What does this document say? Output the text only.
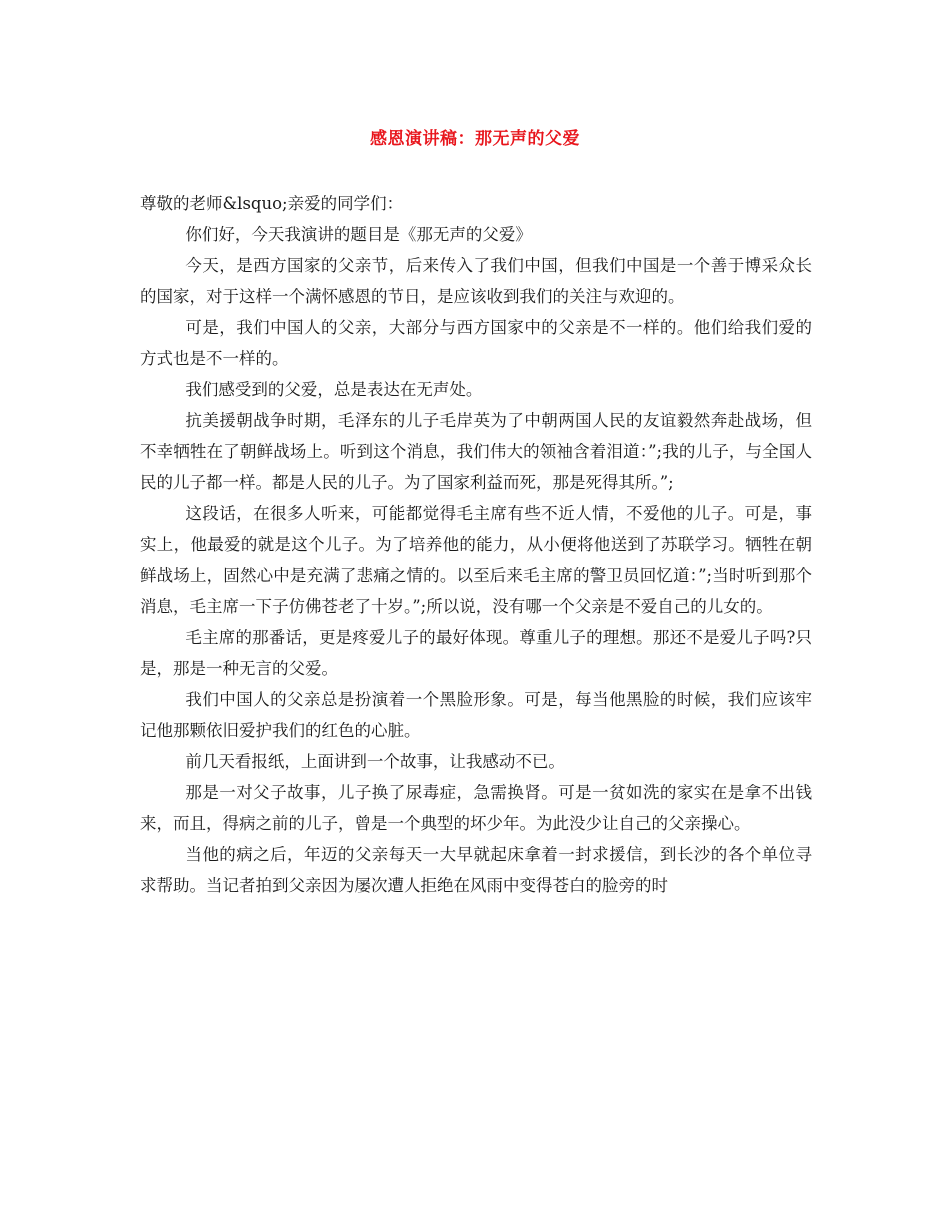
感恩演讲稿：那无声的父爱

尊敬的老师&lsquo;亲爱的同学们：

你们好，今天我演讲的题目是《那无声的父爱》

今天，是西方国家的父亲节，后来传入了我们中国，但我们中国是一个善于博采众长的国家，对于这样一个满怀感恩的节日，是应该收到我们的关注与欢迎的。

可是，我们中国人的父亲，大部分与西方国家中的父亲是不一样的。他们给我们爱的方式也是不一样的。

我们感受到的父爱，总是表达在无声处。

抗美援朝战争时期，毛泽东的儿子毛岸英为了中朝两国人民的友谊毅然奔赴战场，但不幸牺牲在了朝鲜战场上。听到这个消息，我们伟大的领袖含着泪道：”;我的儿子，与全国人民的儿子都一样。都是人民的儿子。为了国家利益而死，那是死得其所。”;

这段话，在很多人听来，可能都觉得毛主席有些不近人情，不爱他的儿子。可是，事实上，他最爱的就是这个儿子。为了培养他的能力，从小便将他送到了苏联学习。牺牲在朝鲜战场上，固然心中是充满了悲痛之情的。以至后来毛主席的警卫员回忆道：”;当时听到那个消息，毛主席一下子仿佛苍老了十岁。”;所以说，没有哪一个父亲是不爱自己的儿女的。

毛主席的那番话，更是疼爱儿子的最好体现。尊重儿子的理想。那还不是爱儿子吗?只是，那是一种无言的父爱。

我们中国人的父亲总是扮演着一个黑脸形象。可是，每当他黑脸的时候，我们应该牢记他那颗依旧爱护我们的红色的心脏。

前几天看报纸，上面讲到一个故事，让我感动不已。

那是一对父子故事，儿子换了尿毒症，急需换肾。可是一贫如洗的家实在是拿不出钱来，而且，得病之前的儿子，曾是一个典型的坏少年。为此没少让自己的父亲操心。

当他的病之后，年迈的父亲每天一大早就起床拿着一封求援信，到长沙的各个单位寻求帮助。当记者拍到父亲因为屡次遭人拒绝在风雨中变得苍白的脸旁的时
